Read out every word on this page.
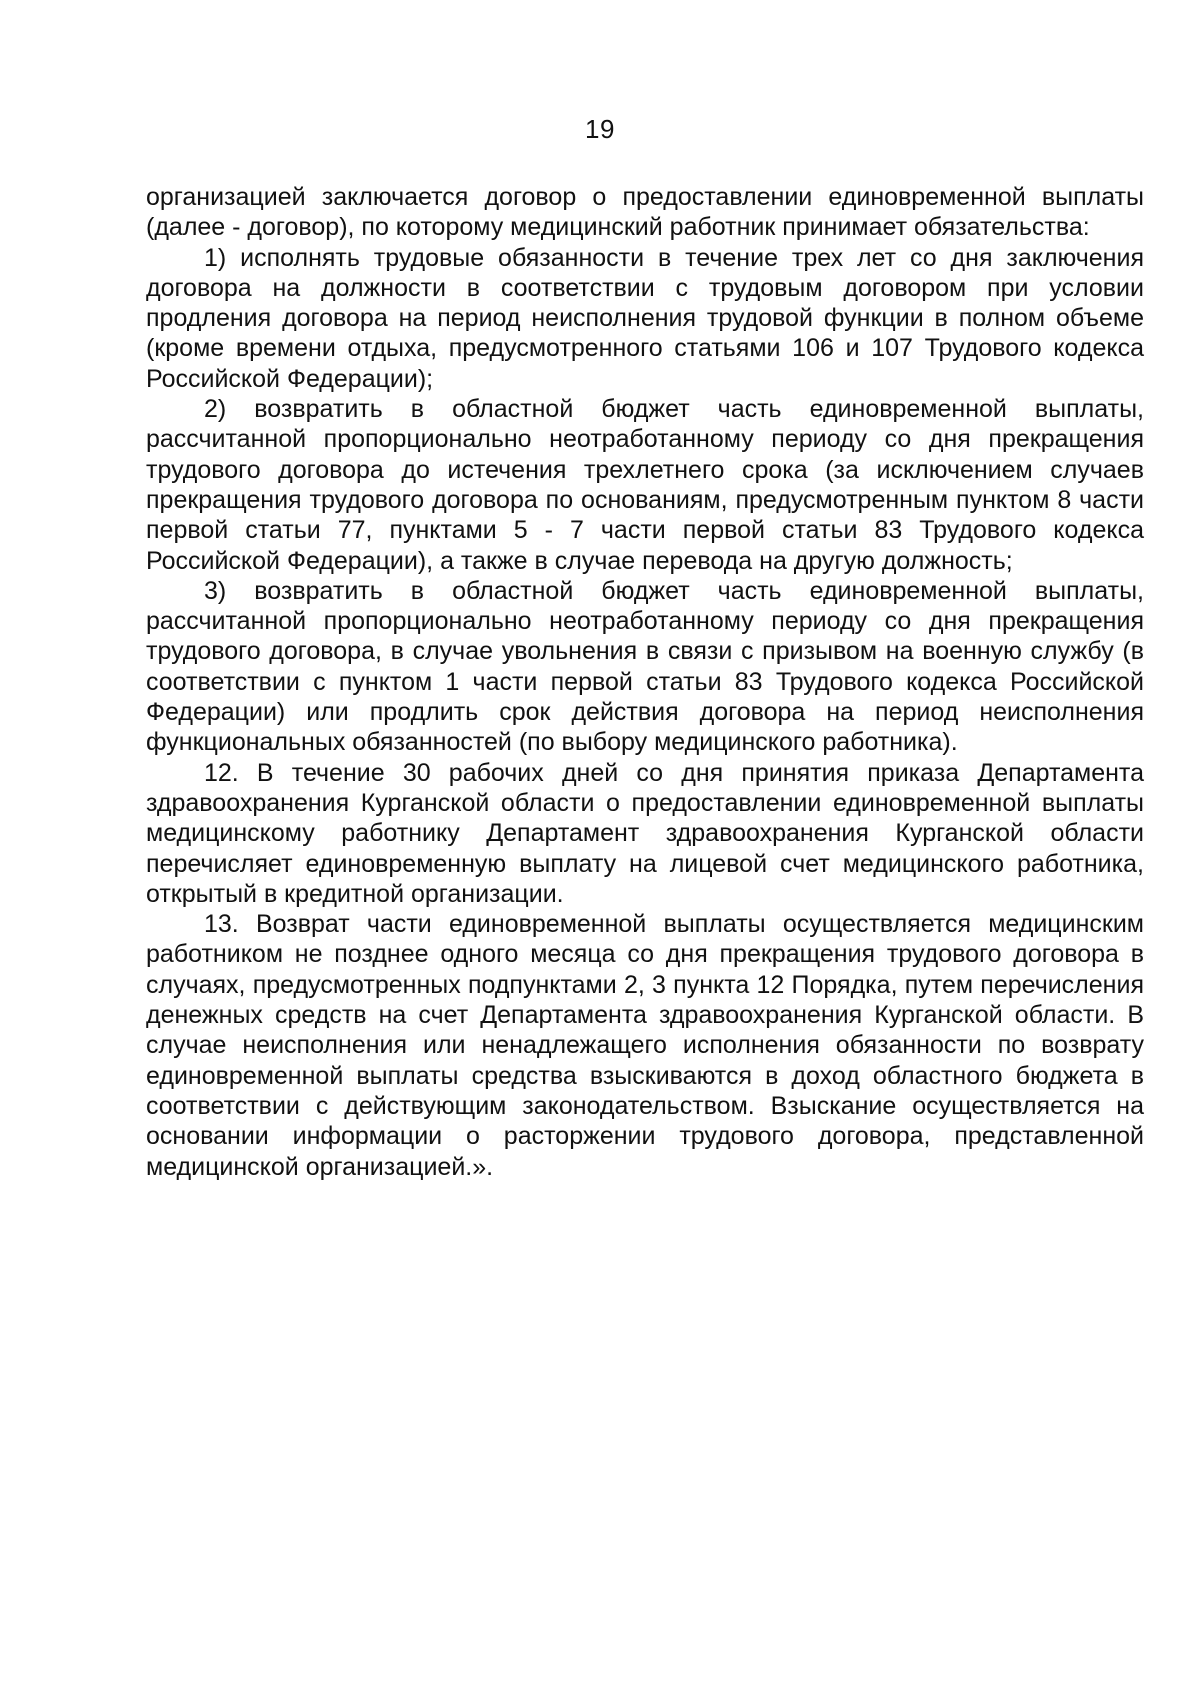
19

организацией заключается договор о предоставлении единовременной выплаты (далее - договор), по которому медицинский работник принимает обязательства:

1) исполнять трудовые обязанности в течение трех лет со дня заключения договора на должности в соответствии с трудовым договором при условии продления договора на период неисполнения трудовой функции в полном объеме (кроме времени отдыха, предусмотренного статьями 106 и 107 Трудового кодекса Российской Федерации);

2) возвратить в областной бюджет часть единовременной выплаты, рассчитанной пропорционально неотработанному периоду со дня прекращения трудового договора до истечения трехлетнего срока (за исключением случаев прекращения трудового договора по основаниям, предусмотренным пунктом 8 части первой статьи 77, пунктами 5 - 7 части первой статьи 83 Трудового кодекса Российской Федерации), а также в случае перевода на другую должность;

3) возвратить в областной бюджет часть единовременной выплаты, рассчитанной пропорционально неотработанному периоду со дня прекращения трудового договора, в случае увольнения в связи с призывом на военную службу (в соответствии с пунктом 1 части первой статьи 83 Трудового кодекса Российской Федерации) или продлить срок действия договора на период неисполнения функциональных обязанностей (по выбору медицинского работника).

12. В течение 30 рабочих дней со дня принятия приказа Департамента здравоохранения Курганской области о предоставлении единовременной выплаты медицинскому работнику Департамент здравоохранения Курганской области перечисляет единовременную выплату на лицевой счет медицинского работника, открытый в кредитной организации.

13. Возврат части единовременной выплаты осуществляется медицинским работником не позднее одного месяца со дня прекращения трудового договора в случаях, предусмотренных подпунктами 2, 3 пункта 12 Порядка, путем перечисления денежных средств на счет Департамента здравоохранения Курганской области. В случае неисполнения или ненадлежащего исполнения обязанности по возврату единовременной выплаты средства взыскиваются в доход областного бюджета в соответствии с действующим законодательством. Взыскание осуществляется на основании информации о расторжении трудового договора, представленной медицинской организацией.».
